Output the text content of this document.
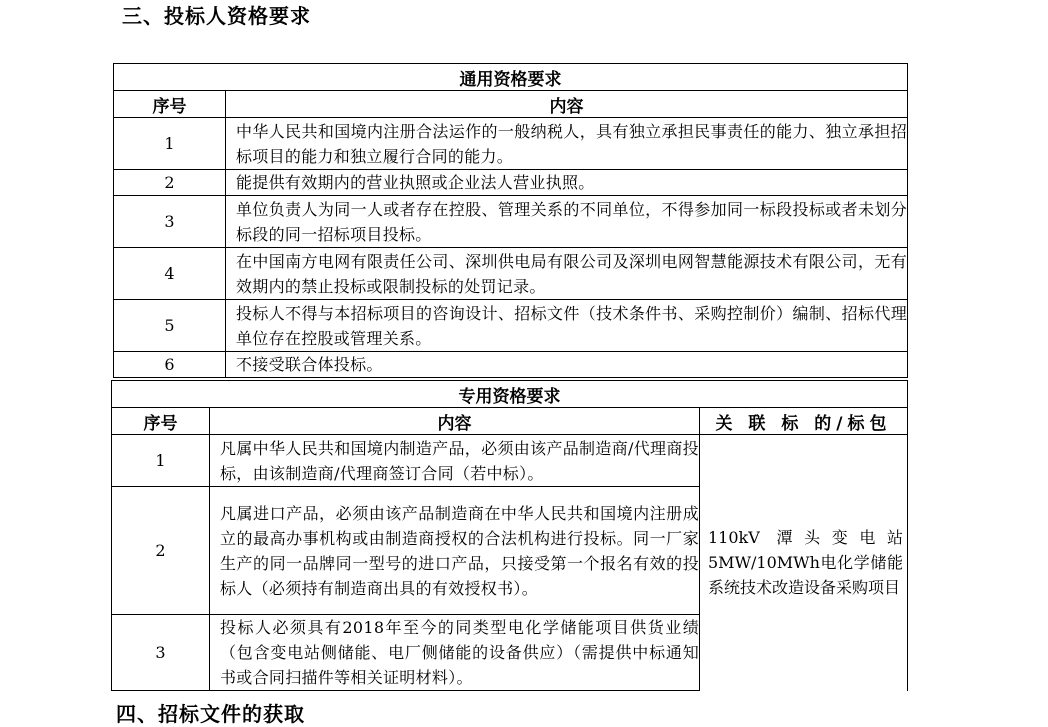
三、投标人资格要求
通用资格要求	
序号	内容
1	中华人民共和国境内注册合法运作的一般纳税人，具有独立承担民事责任的能力、独立承担招标项目的能力和独立履行合同的能力。
2	能提供有效期内的营业执照或企业法人营业执照。
3	单位负责人为同一人或者存在控股、管理关系的不同单位，不得参加同一标段投标或者未划分标段的同一招标项目投标。
4	在中国南方电网有限责任公司、深圳供电局有限公司及深圳电网智慧能源技术有限公司，无有效期内的禁止投标或限制投标的处罚记录。
5	投标人不得与本招标项目的咨询设计、招标文件（技术条件书、采购控制价）编制、招标代理单位存在控股或管理关系。
6	不接受联合体投标。
专用资格要求		
序号	内容	关 联 标 的/标包
1	凡属中华人民共和国境内制造产品，必须由该产品制造商/代理商投标，由该制造商/代理商签订合同（若中标）。	110kV 潭头变电站5MW/10MWh电化学储能系统技术改造设备采购项目
2	凡属进口产品，必须由该产品制造商在中华人民共和国境内注册成立的最高办事机构或由制造商授权的合法机构进行投标。同一厂家生产的同一品牌同一型号的进口产品，只接受第一个报名有效的投标人（必须持有制造商出具的有效授权书）。	
3	投标人必须具有2018年至今的同类型电化学储能项目供货业绩（包含变电站侧储能、电厂侧储能的设备供应）（需提供中标通知书或合同扫描件等相关证明材料）。	
四、招标文件的获取
